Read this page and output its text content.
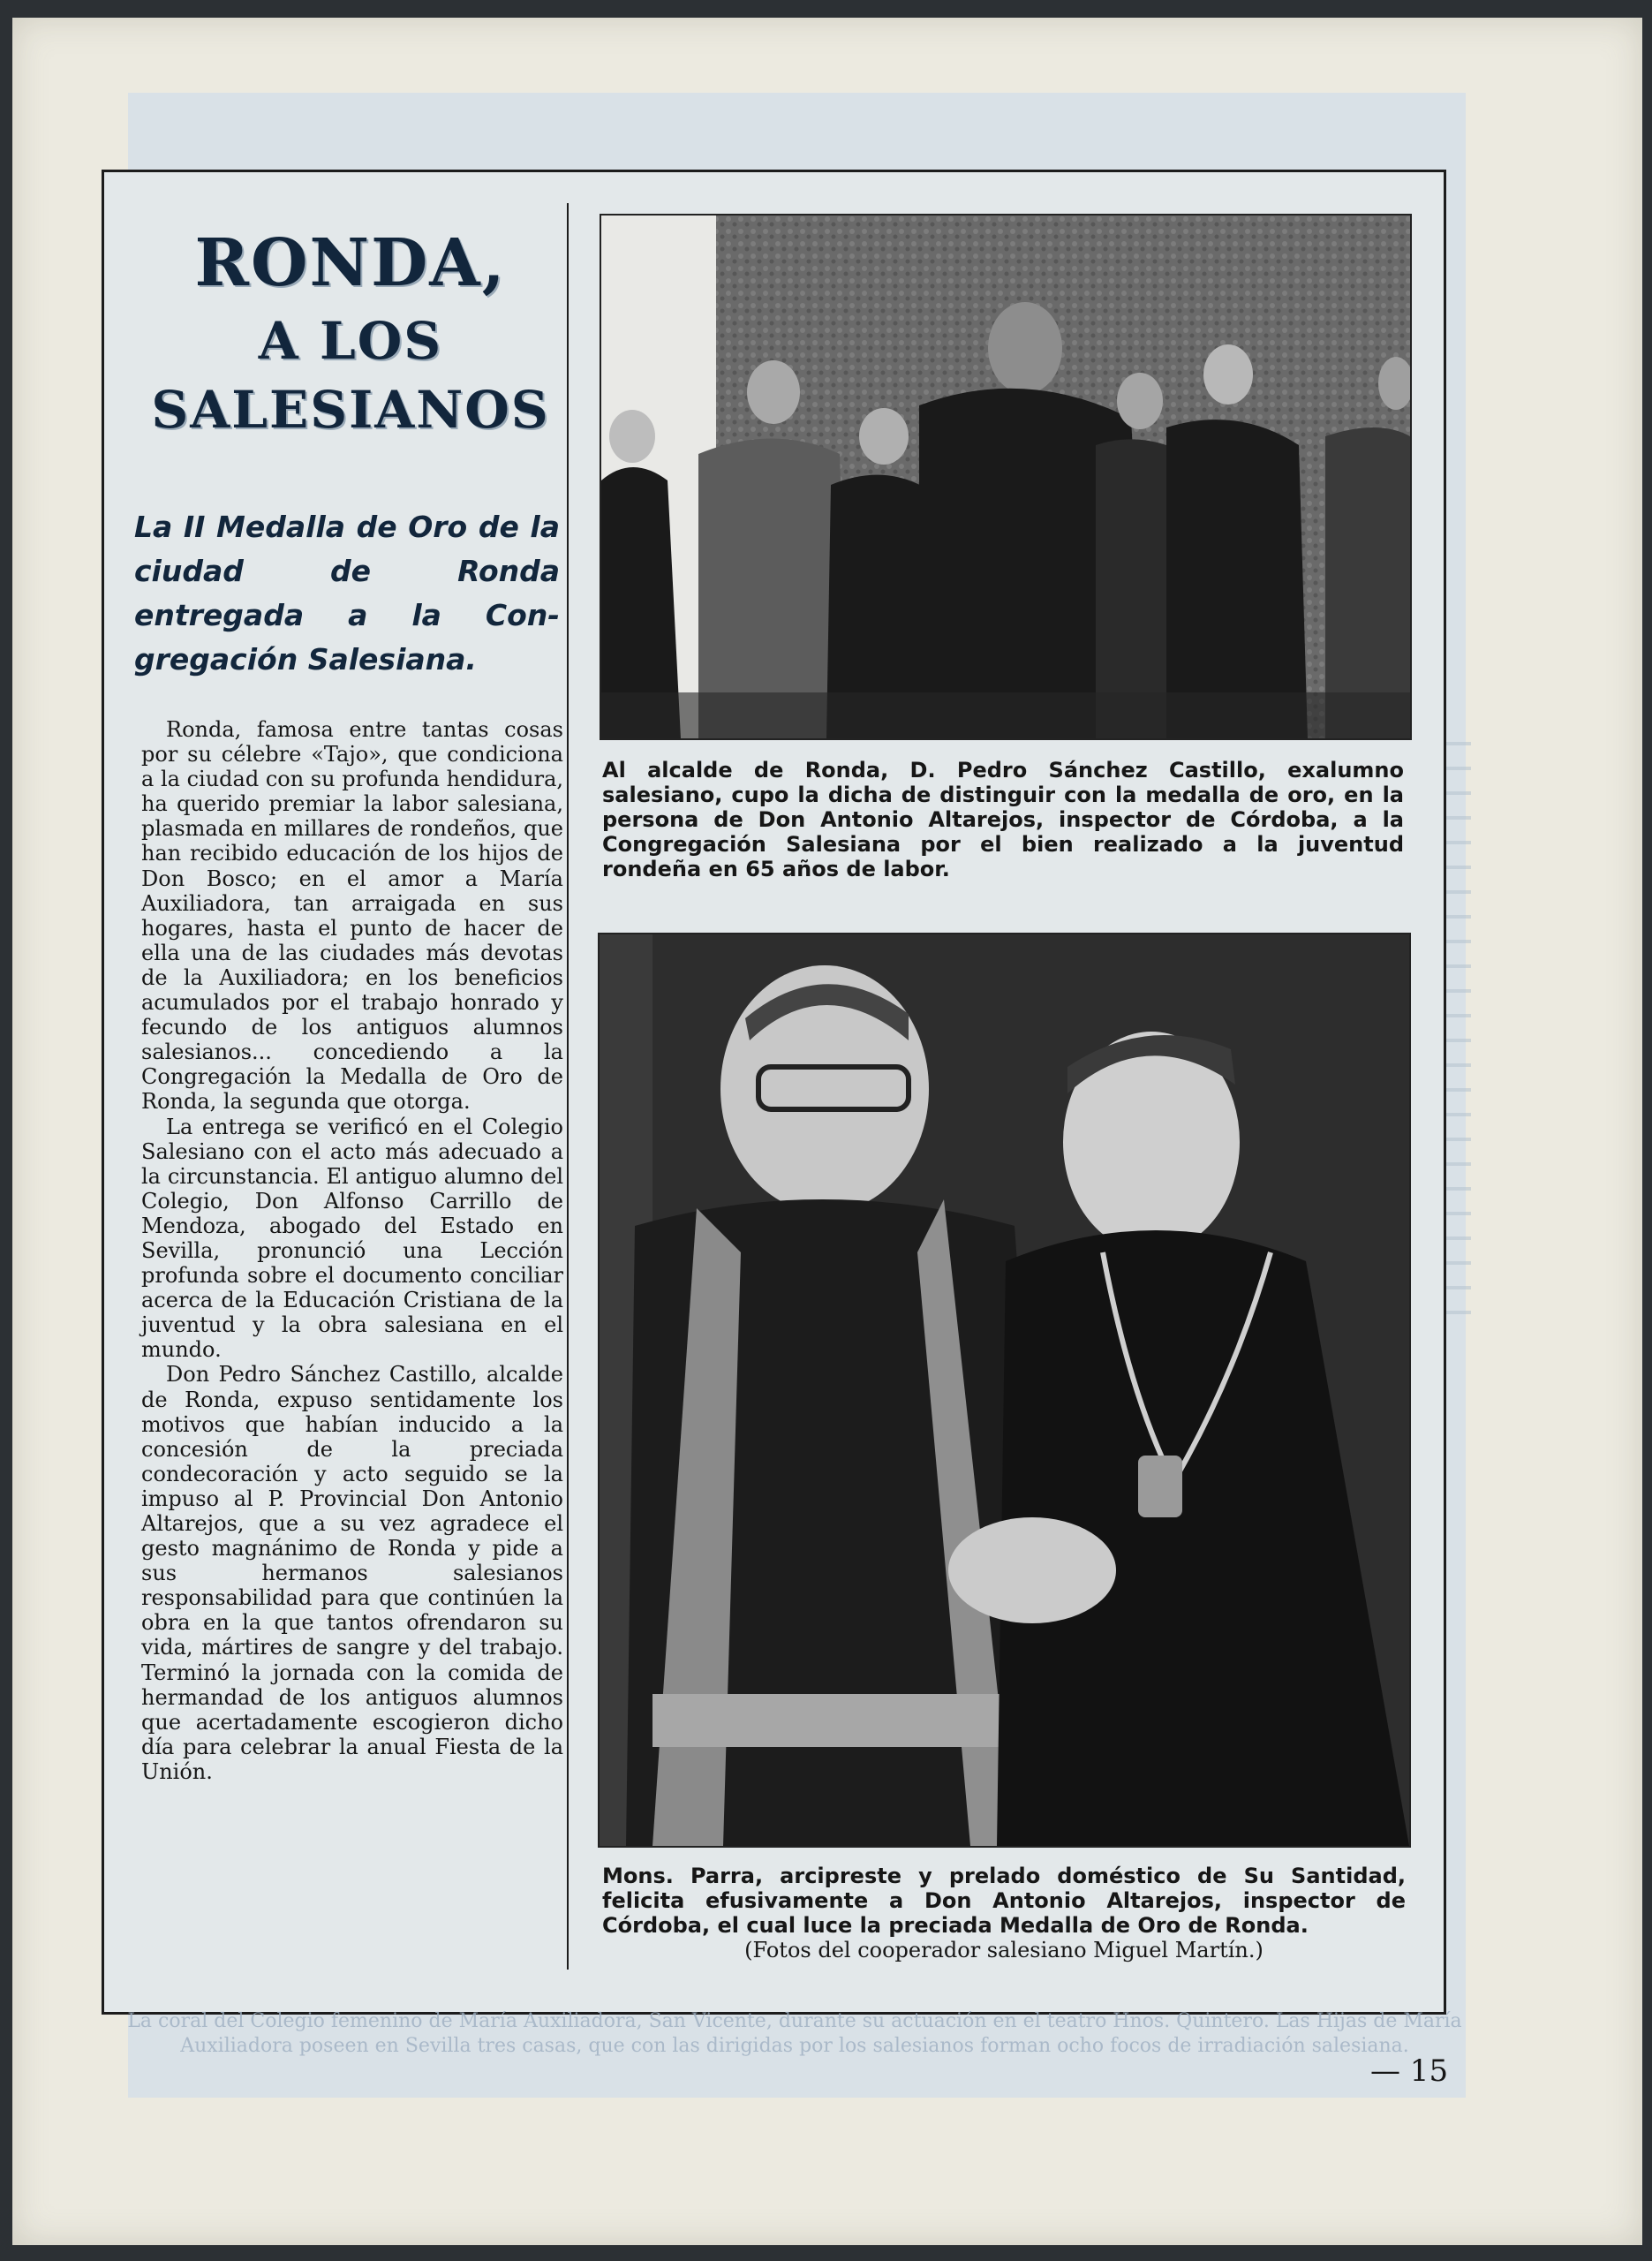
RONDA,
A LOS
SALESIANOS
La II Medalla de Oro de la ciudad de Ronda entregada a la Con-gregación Salesiana.

Ronda, famosa entre tantas cosas por su célebre «Tajo», que condiciona a la ciudad con su profunda hendidura, ha querido premiar la labor salesiana, plasmada en millares de rondeños, que han recibido educación de los hijos de Don Bosco; en el amor a María Auxiliadora, tan arraigada en sus hogares, hasta el punto de hacer de ella una de las ciudades más devotas de la Auxiliadora; en los beneficios acumulados por el trabajo honrado y fecundo de los antiguos alumnos salesianos... concediendo a la Congregación la Medalla de Oro de Ronda, la segunda que otorga.

La entrega se verificó en el Colegio Salesiano con el acto más adecuado a la circunstancia. El antiguo alumno del Colegio, Don Alfonso Carrillo de Mendoza, abogado del Estado en Sevilla, pronunció una Lección profunda sobre el documento conciliar acerca de la Educación Cristiana de la juventud y la obra salesiana en el mundo.

Don Pedro Sánchez Castillo, alcalde de Ronda, expuso sentidamente los motivos que habían inducido a la concesión de la preciada condecoración y acto seguido se la impuso al P. Provincial Don Antonio Altarejos, que a su vez agradece el gesto magnánimo de Ronda y pide a sus hermanos salesianos responsabilidad para que continúen la obra en la que tantos ofrendaron su vida, mártires de sangre y del trabajo. Terminó la jornada con la comida de hermandad de los antiguos alumnos que acertadamente escogieron dicho día para celebrar la anual Fiesta de la Unión.

Al alcalde de Ronda, D. Pedro Sánchez Castillo, exalumno salesiano, cupo la dicha de distinguir con la medalla de oro, en la persona de Don Antonio Altarejos, inspector de Córdoba, a la Congregación Salesiana por el bien realizado a la juventud rondeña en 65 años de labor.
Mons. Parra, arcipreste y prelado doméstico de Su Santidad, felicita efusivamente a Don Antonio Altarejos, inspector de Córdoba, el cual luce la preciada Medalla de Oro de Ronda.
(Fotos del cooperador salesiano Miguel Martín.)
La coral del Colegio femenino de María Auxiliadora, San Vicente, durante su actuación en el teatro Hnos. Quintero. Las Hijas de María Auxiliadora poseen en Sevilla tres casas, que con las dirigidas por los salesianos forman ocho focos de irradiación salesiana.
— 15
